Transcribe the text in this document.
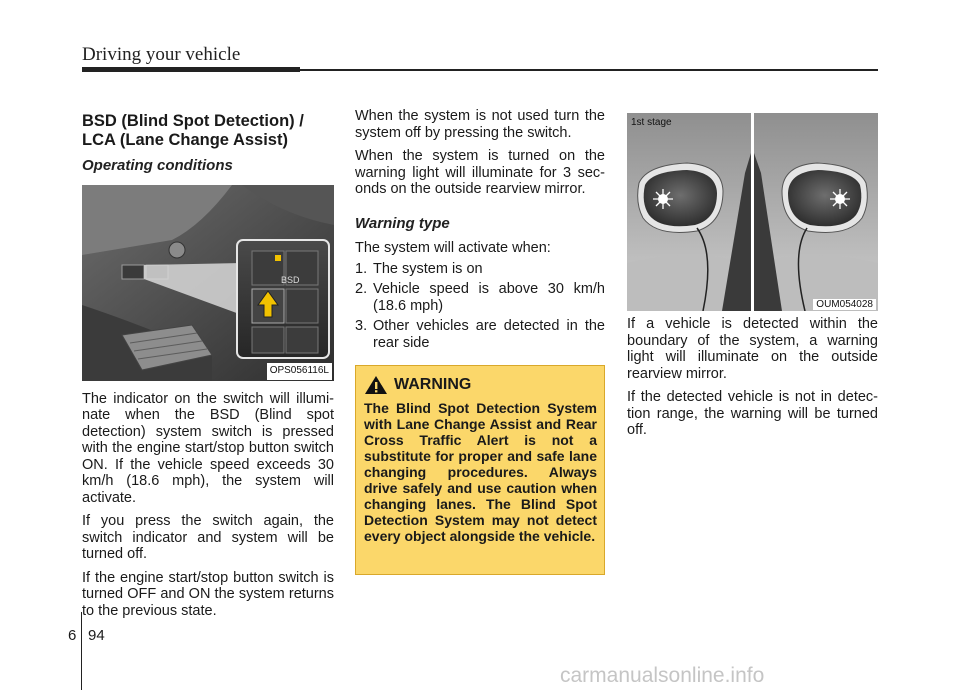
Driving your vehicle
BSD (Blind Spot Detection) / LCA (Lane Change Assist)
Operating conditions
BSD
OPS056116L

The indicator on the switch will illumi-nate when the BSD (Blind spot detection) system switch is pressed with the engine start/stop button switch ON. If the vehicle speed exceeds 30 km/h (18.6 mph), the system will activate.

If you press the switch again, the switch indicator and system will be turned off.

If the engine start/stop button switch is turned OFF and ON the system returns to the previous state.

When the system is not used turn the system off by pressing the switch.

When the system is turned on the warning light will illuminate for 3 sec-onds on the outside rearview mirror.

Warning type

The system will activate when:

1. The system is on
2. Vehicle speed is above 30 km/h (18.6 mph)
3. Other vehicles are detected in the rear side
WARNING
The Blind Spot Detection System with Lane Change Assist and Rear Cross Traffic Alert is not a substitute for proper and safe lane changing procedures. Always drive safely and use caution when changing lanes. The Blind Spot Detection System may not detect every object alongside the vehicle.
1st stage
OUM054028

If a vehicle is detected within the boundary of the system, a warning light will illuminate on the outside rearview mirror.

If the detected vehicle is not in detec-tion range, the warning will be turned off.

6 94
carmanualsonline.info
